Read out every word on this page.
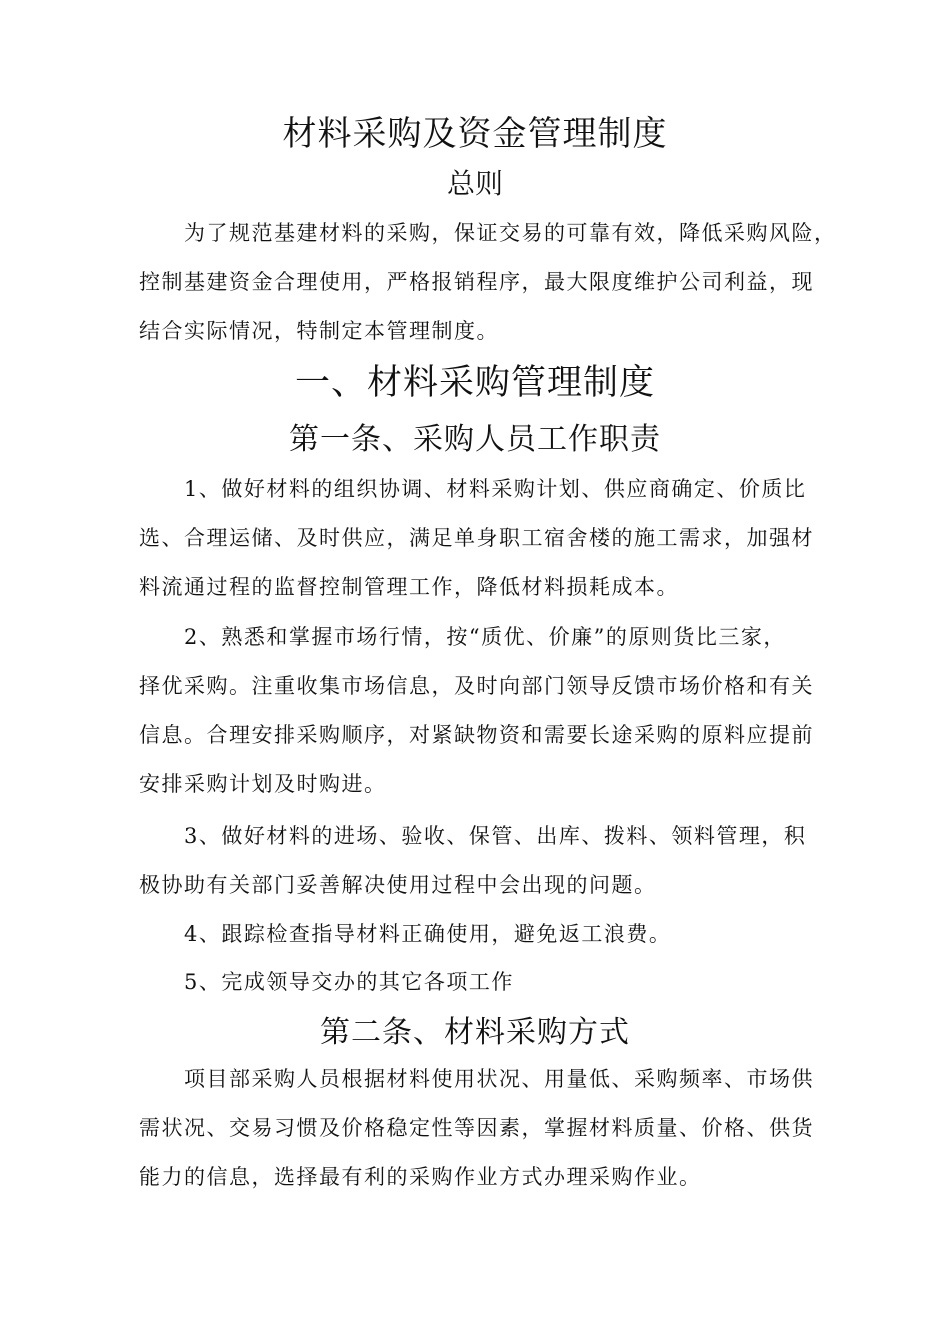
材料采购及资金管理制度
总则
为了规范基建材料的采购，保证交易的可靠有效，降低采购风险，
控制基建资金合理使用，严格报销程序，最大限度维护公司利益，现
结合实际情况，特制定本管理制度。
一、材料采购管理制度
第一条、采购人员工作职责
1、做好材料的组织协调、材料采购计划、供应商确定、价质比
选、合理运储、及时供应，满足单身职工宿舍楼的施工需求，加强材
料流通过程的监督控制管理工作，降低材料损耗成本。
2、熟悉和掌握市场行情，按“质优、价廉”的原则货比三家，
择优采购。注重收集市场信息，及时向部门领导反馈市场价格和有关
信息。合理安排采购顺序，对紧缺物资和需要长途采购的原料应提前
安排采购计划及时购进。
3、做好材料的进场、验收、保管、出库、拨料、领料管理，积
极协助有关部门妥善解决使用过程中会出现的问题。
4、跟踪检查指导材料正确使用，避免返工浪费。
5、完成领导交办的其它各项工作
第二条、材料采购方式
项目部采购人员根据材料使用状况、用量低、采购频率、市场供
需状况、交易习惯及价格稳定性等因素，掌握材料质量、价格、供货
能力的信息，选择最有利的采购作业方式办理采购作业。
